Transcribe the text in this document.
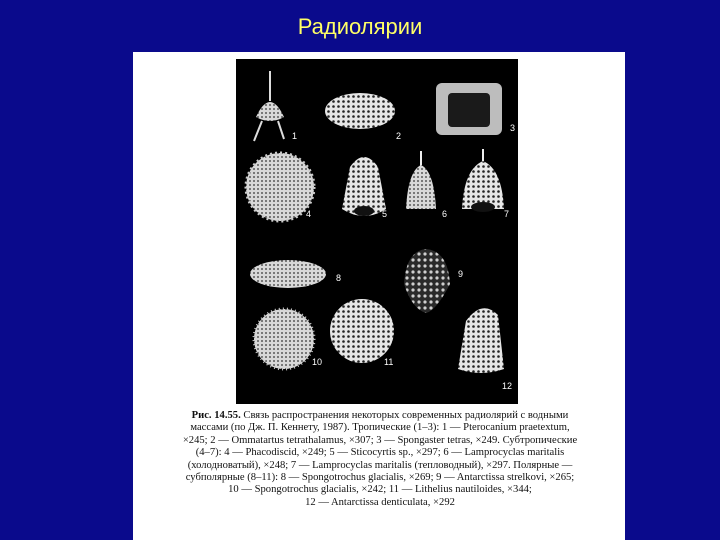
Радиолярии
1	2
3
4	5	6	7
8	9
10	11
12
Рис. 14.55. Связь распространения некоторых современных радиолярий с водными
массами (по Дж. П. Кеннету, 1987). Тропические (1–3): 1 — Pterocanium praetextum,
×245; 2 — Ommatartus tetrathalamus, ×307; 3 — Spongaster tetras, ×249. Субтропические
(4–7): 4 — Phacodiscid, ×249; 5 — Sticocyrtis sp., ×297; 6 — Lamprocyclas maritalis
(холодноватый), ×248; 7 — Lamprocyclas maritalis (тепловодный), ×297. Полярные —
субполярные (8–11): 8 — Spongotrochus glacialis, ×269; 9 — Antarctissa strelkovi, ×265;
10 — Spongotrochus glacialis, ×242; 11 — Lithelius nautiloides, ×344;
12 — Antarctissa denticulata, ×292
